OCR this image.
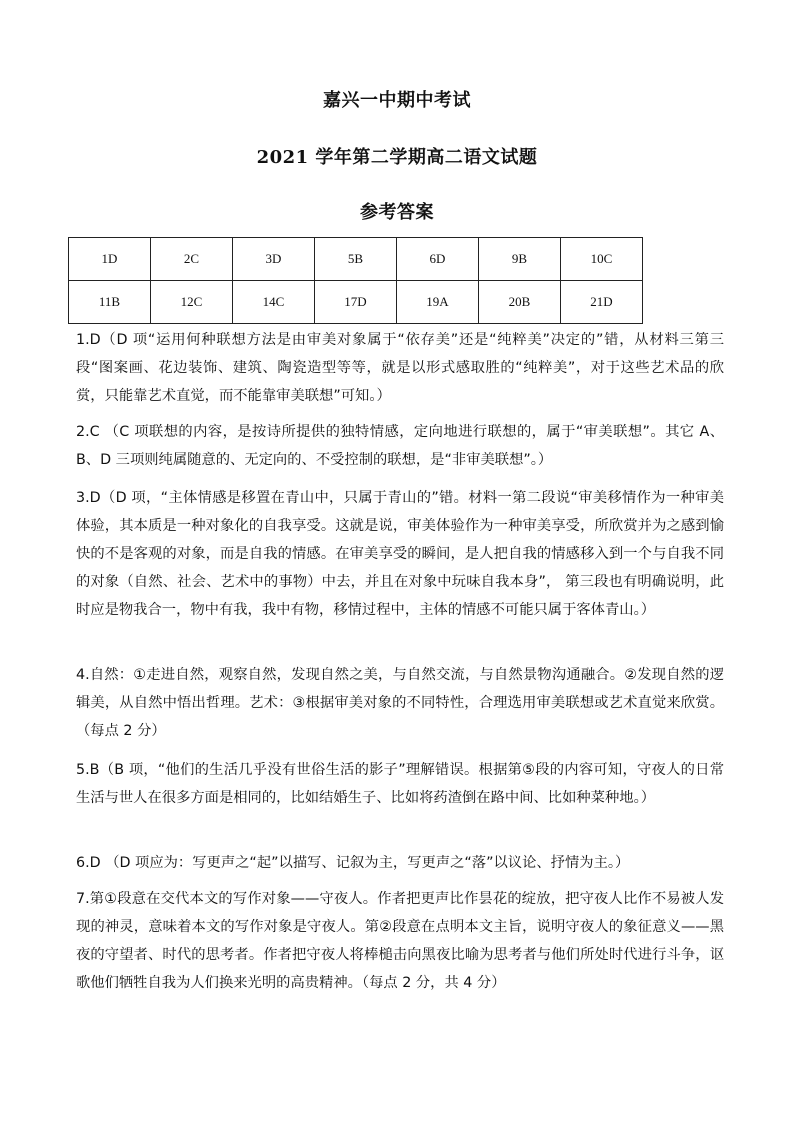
嘉兴一中期中考试
2021 学年第二学期高二语文试题
参考答案
1D	2C	3D	5B	6D	9B	10C
11B	12C	14C	17D	19A	20B	21D

1.D（D 项“运用何种联想方法是由审美对象属于“依存美”还是“纯粹美”决定的”错，从材料三第三段“图案画、花边装饰、建筑、陶瓷造型等等，就是以形式感取胜的“纯粹美”，对于这些艺术品的欣赏，只能靠艺术直觉，而不能靠审美联想”可知。）

2.C （C 项联想的内容，是按诗所提供的独特情感，定向地进行联想的，属于“审美联想”。其它 A、B、D 三项则纯属随意的、无定向的、不受控制的联想，是“非审美联想”。）

3.D（D 项，“主体情感是移置在青山中，只属于青山的”错。材料一第二段说“审美移情作为一种审美体验，其本质是一种对象化的自我享受。这就是说，审美体验作为一种审美享受，所欣赏并为之感到愉快的不是客观的对象，而是自我的情感。在审美享受的瞬间，是人把自我的情感移入到一个与自我不同的对象（自然、社会、艺术中的事物）中去，并且在对象中玩味自我本身”， 第三段也有明确说明，此时应是物我合一，物中有我，我中有物，移情过程中，主体的情感不可能只属于客体青山。）

4.自然：①走进自然，观察自然，发现自然之美，与自然交流，与自然景物沟通融合。②发现自然的逻辑美，从自然中悟出哲理。艺术：③根据审美对象的不同特性，合理选用审美联想或艺术直觉来欣赏。（每点 2 分）

5.B（B 项，“他们的生活几乎没有世俗生活的影子”理解错误。根据第⑤段的内容可知，守夜人的日常生活与世人在很多方面是相同的，比如结婚生子、比如将药渣倒在路中间、比如种菜种地。）

6.D （D 项应为：写更声之“起”以描写、记叙为主，写更声之“落”以议论、抒情为主。）

7.第①段意在交代本文的写作对象——守夜人。作者把更声比作昙花的绽放，把守夜人比作不易被人发现的神灵，意味着本文的写作对象是守夜人。第②段意在点明本文主旨，说明守夜人的象征意义——黑夜的守望者、时代的思考者。作者把守夜人将棒槌击向黑夜比喻为思考者与他们所处时代进行斗争，讴歌他们牺牲自我为人们换来光明的高贵精神。（每点 2 分，共 4 分）
